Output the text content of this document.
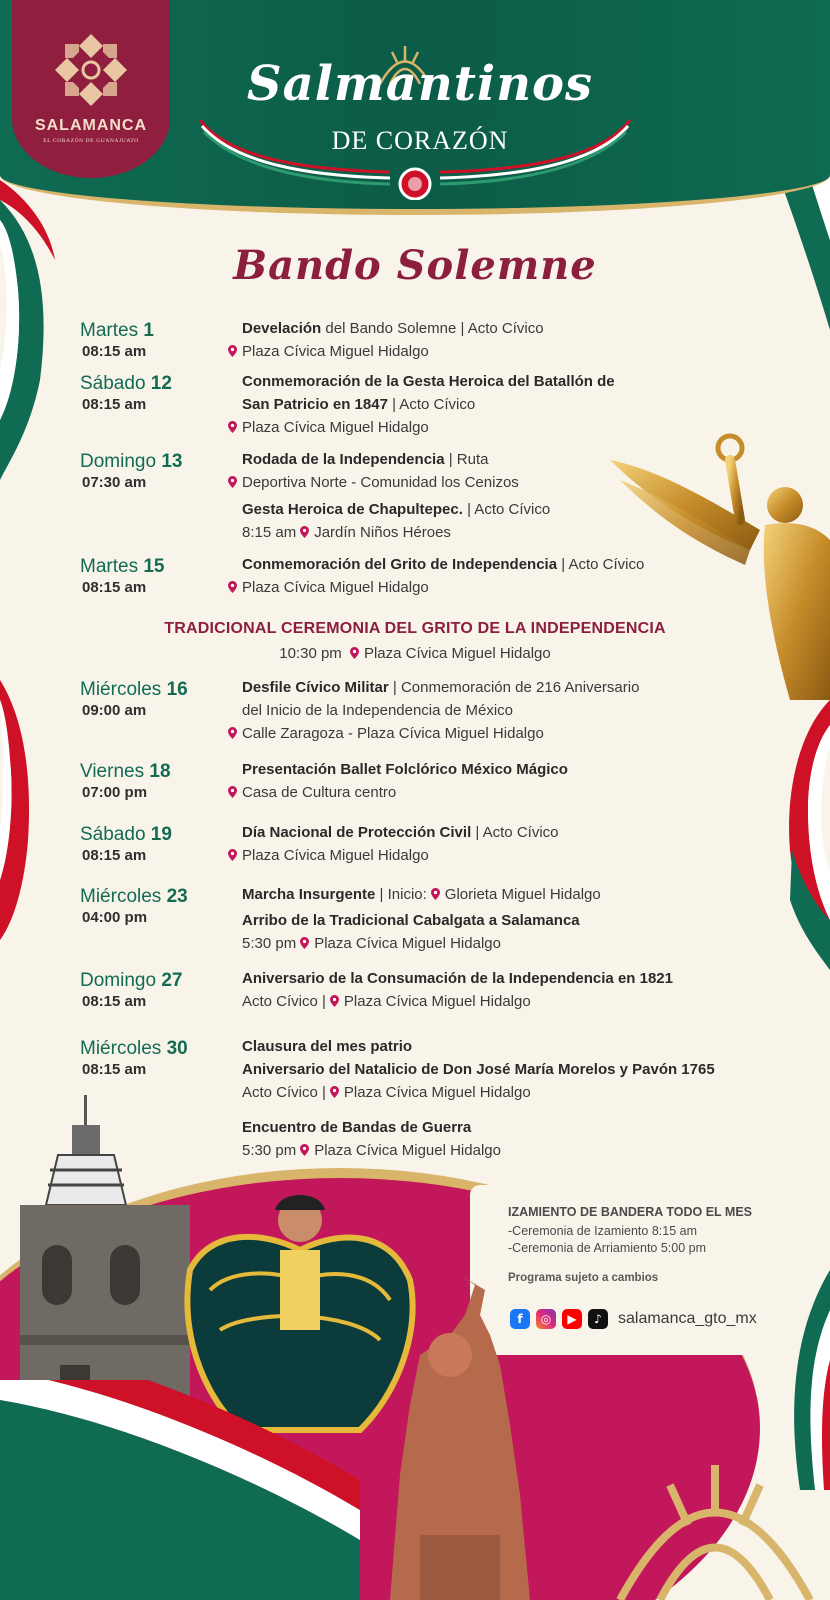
SALAMANCA
EL CORAZÓN DE GUANAJUATO
Salmantinos
DE CORAZÓN
Bando Solemne
Martes 1
08:15 am
Develación del Bando Solemne | Acto Cívico
Plaza Cívica Miguel Hidalgo
Sábado 12
08:15 am
Conmemoración de la Gesta Heroica del Batallón de
San Patricio en 1847 | Acto Cívico
Plaza Cívica Miguel Hidalgo
Domingo 13
07:30 am
Rodada de la Independencia | Ruta
Deportiva Norte - Comunidad los Cenizos
Gesta Heroica de Chapultepec. | Acto Cívico
8:15 am Jardín Niños Héroes
Martes 15
08:15 am
Conmemoración del Grito de Independencia | Acto Cívico
Plaza Cívica Miguel Hidalgo
Miércoles 16
09:00 am
Desfile Cívico Militar | Conmemoración de 216 Aniversario
del Inicio de la Independencia de México
Calle Zaragoza - Plaza Cívica Miguel Hidalgo
Viernes 18
07:00 pm
Presentación Ballet Folclórico México Mágico
Casa de Cultura centro
Sábado 19
08:15 am
Día Nacional de Protección Civil | Acto Cívico
Plaza Cívica Miguel Hidalgo
Miércoles 23
04:00 pm
Marcha Insurgente | Inicio: Glorieta Miguel Hidalgo
Arribo de la Tradicional Cabalgata a Salamanca
5:30 pm Plaza Cívica Miguel Hidalgo
Domingo 27
08:15 am
Aniversario de la Consumación de la Independencia en 1821
Acto Cívico | Plaza Cívica Miguel Hidalgo
Miércoles 30
08:15 am
Clausura del mes patrio
Aniversario del Natalicio de Don José María Morelos y Pavón 1765
Acto Cívico | Plaza Cívica Miguel Hidalgo
Encuentro de Bandas de Guerra
5:30 pm Plaza Cívica Miguel Hidalgo
TRADICIONAL CEREMONIA DEL GRITO DE LA INDEPENDENCIA
10:30 pm Plaza Cívica Miguel Hidalgo
IZAMIENTO DE BANDERA TODO EL MES
-Ceremonia de Izamiento 8:15 am
-Ceremonia de Arriamiento 5:00 pm
Programa sujeto a cambios
f	◎	▶	♪	salamanca_gto_mx
